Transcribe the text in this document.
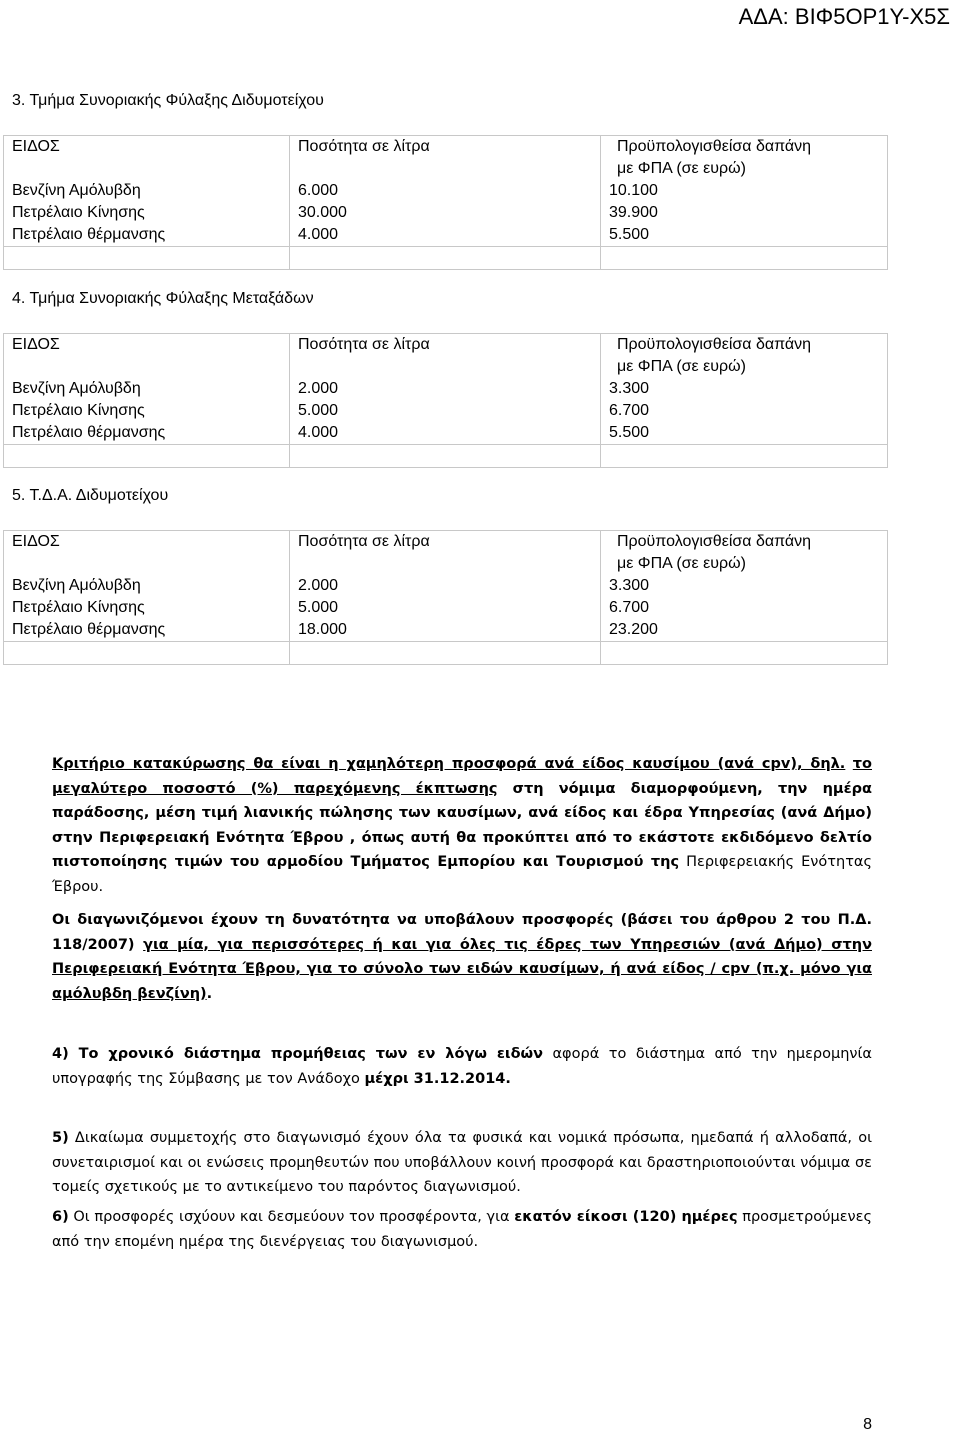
ΑΔΑ: ΒΙΦ5ΟΡ1Υ-Χ5Σ
3. Τμήμα Συνοριακής Φύλαξης Διδυμοτείχου
ΕΙΔΟΣ	Ποσότητα σε λίτρα	Προϋπολογισθείσα δαπάνη
με ΦΠΑ (σε ευρώ)

Βενζίνη Αμόλυβδη	6.000	10.100
Πετρέλαιο Κίνησης	30.000	39.900
Πετρέλαιο θέρμανσης	4.000	5.500

4. Τμήμα Συνοριακής Φύλαξης Μεταξάδων
ΕΙΔΟΣ	Ποσότητα σε λίτρα	Προϋπολογισθείσα δαπάνη
με ΦΠΑ (σε ευρώ)

Βενζίνη Αμόλυβδη	2.000	3.300
Πετρέλαιο Κίνησης	5.000	6.700
Πετρέλαιο θέρμανσης	4.000	5.500

5. Τ.Δ.Α. Διδυμοτείχου
ΕΙΔΟΣ	Ποσότητα σε λίτρα	Προϋπολογισθείσα δαπάνη
με ΦΠΑ (σε ευρώ)

Βενζίνη Αμόλυβδη	2.000	3.300
Πετρέλαιο Κίνησης	5.000	6.700
Πετρέλαιο θέρμανσης	18.000	23.200

Κριτήριο κατακύρωσης θα είναι η χαμηλότερη προσφορά ανά είδος καυσίμου (ανά cpv), δηλ. το μεγαλύτερο ποσοστό (%) παρεχόμενης έκπτωσης στη νόμιμα διαμορφούμενη, την ημέρα παράδοσης, μέση τιμή λιανικής πώλησης των καυσίμων, ανά είδος και έδρα Υπηρεσίας (ανά Δήμο) στην Περιφερειακή Ενότητα Έβρου , όπως αυτή θα προκύπτει από το εκάστοτε εκδιδόμενο δελτίο πιστοποίησης τιμών του αρμοδίου Τμήματος Εμπορίου και Τουρισμού της Περιφερειακής Ενότητας Έβρου.
Οι διαγωνιζόμενοι έχουν τη δυνατότητα να υποβάλουν προσφορές (βάσει του άρθρου 2 του Π.Δ. 118/2007) για μία, για περισσότερες ή και για όλες τις έδρες των Υπηρεσιών (ανά Δήμο) στην Περιφερειακή Ενότητα Έβρου, για το σύνολο των ειδών καυσίμων, ή ανά είδος / cpv (π.χ. μόνο για αμόλυβδη βενζίνη).
4) Το χρονικό διάστημα προμήθειας των εν λόγω ειδών αφορά το διάστημα από την ημερομηνία υπογραφής της Σύμβασης με τον Ανάδοχο μέχρι 31.12.2014.
5) Δικαίωμα συμμετοχής στο διαγωνισμό έχουν όλα τα φυσικά και νομικά πρόσωπα, ημεδαπά ή αλλοδαπά, οι συνεταιρισμοί και οι ενώσεις προμηθευτών που υποβάλλουν κοινή προσφορά και δραστηριοποιούνται νόμιμα σε τομείς σχετικούς με το αντικείμενο του παρόντος διαγωνισμού.
6) Οι προσφορές ισχύουν και δεσμεύουν τον προσφέροντα, για εκατόν είκοσι (120) ημέρες προσμετρούμενες από την επομένη ημέρα της διενέργειας του διαγωνισμού.
8
